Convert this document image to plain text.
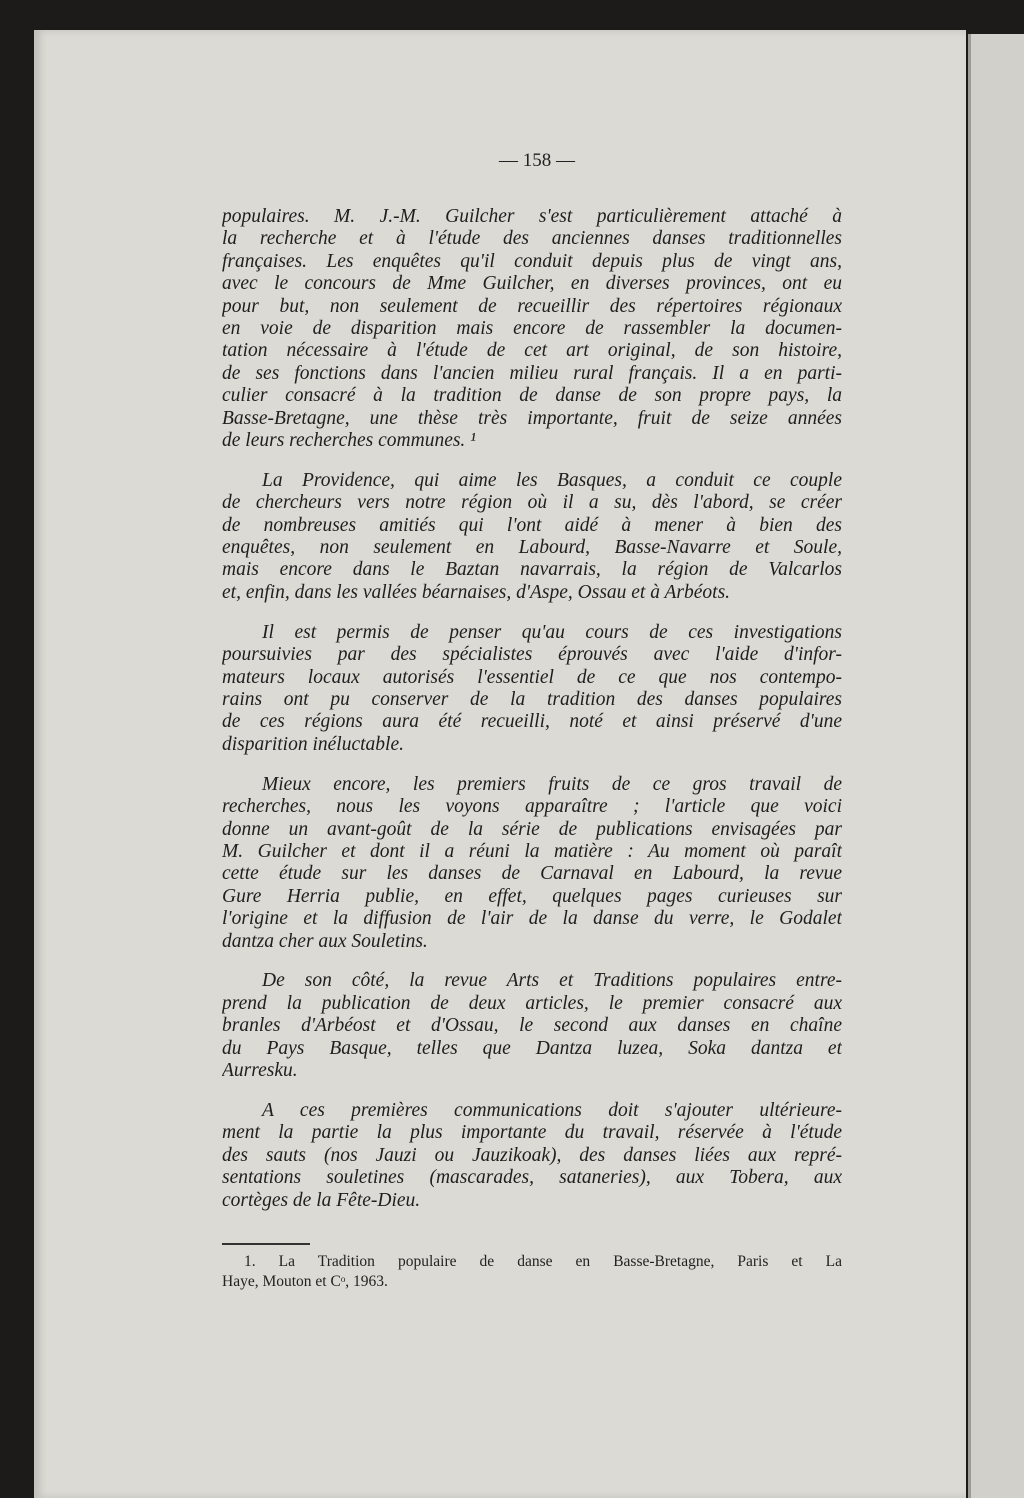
— 158 —
populaires. M. J.-M. Guilcher s'est particulièrement attaché à
la recherche et à l'étude des anciennes danses traditionnelles
françaises. Les enquêtes qu'il conduit depuis plus de vingt ans,
avec le concours de Mme Guilcher, en diverses provinces, ont eu
pour but, non seulement de recueillir des répertoires régionaux
en voie de disparition mais encore de rassembler la documen-
tation nécessaire à l'étude de cet art original, de son histoire,
de ses fonctions dans l'ancien milieu rural français. Il a en parti-
culier consacré à la tradition de danse de son propre pays, la
Basse-Bretagne, une thèse très importante, fruit de seize années
de leurs recherches communes. ¹
La Providence, qui aime les Basques, a conduit ce couple
de chercheurs vers notre région où il a su, dès l'abord, se créer
de nombreuses amitiés qui l'ont aidé à mener à bien des
enquêtes, non seulement en Labourd, Basse-Navarre et Soule,
mais encore dans le Baztan navarrais, la région de Valcarlos
et, enfin, dans les vallées béarnaises, d'Aspe, Ossau et à Arbéots.
Il est permis de penser qu'au cours de ces investigations
poursuivies par des spécialistes éprouvés avec l'aide d'infor-
mateurs locaux autorisés l'essentiel de ce que nos contempo-
rains ont pu conserver de la tradition des danses populaires
de ces régions aura été recueilli, noté et ainsi préservé d'une
disparition inéluctable.
Mieux encore, les premiers fruits de ce gros travail de
recherches, nous les voyons apparaître ; l'article que voici
donne un avant-goût de la série de publications envisagées par
M. Guilcher et dont il a réuni la matière : Au moment où paraît
cette étude sur les danses de Carnaval en Labourd, la revue
Gure Herria publie, en effet, quelques pages curieuses sur
l'origine et la diffusion de l'air de la danse du verre, le Godalet
dantza cher aux Souletins.
De son côté, la revue Arts et Traditions populaires entre-
prend la publication de deux articles, le premier consacré aux
branles d'Arbéost et d'Ossau, le second aux danses en chaîne
du Pays Basque, telles que Dantza luzea, Soka dantza et
Aurresku.
A ces premières communications doit s'ajouter ultérieure-
ment la partie la plus importante du travail, réservée à l'étude
des sauts (nos Jauzi ou Jauzikoak), des danses liées aux repré-
sentations souletines (mascarades, sataneries), aux Tobera, aux
cortèges de la Fête-Dieu.
1. La Tradition populaire de danse en Basse-Bretagne, Paris et La
Haye, Mouton et Cᵒ, 1963.
